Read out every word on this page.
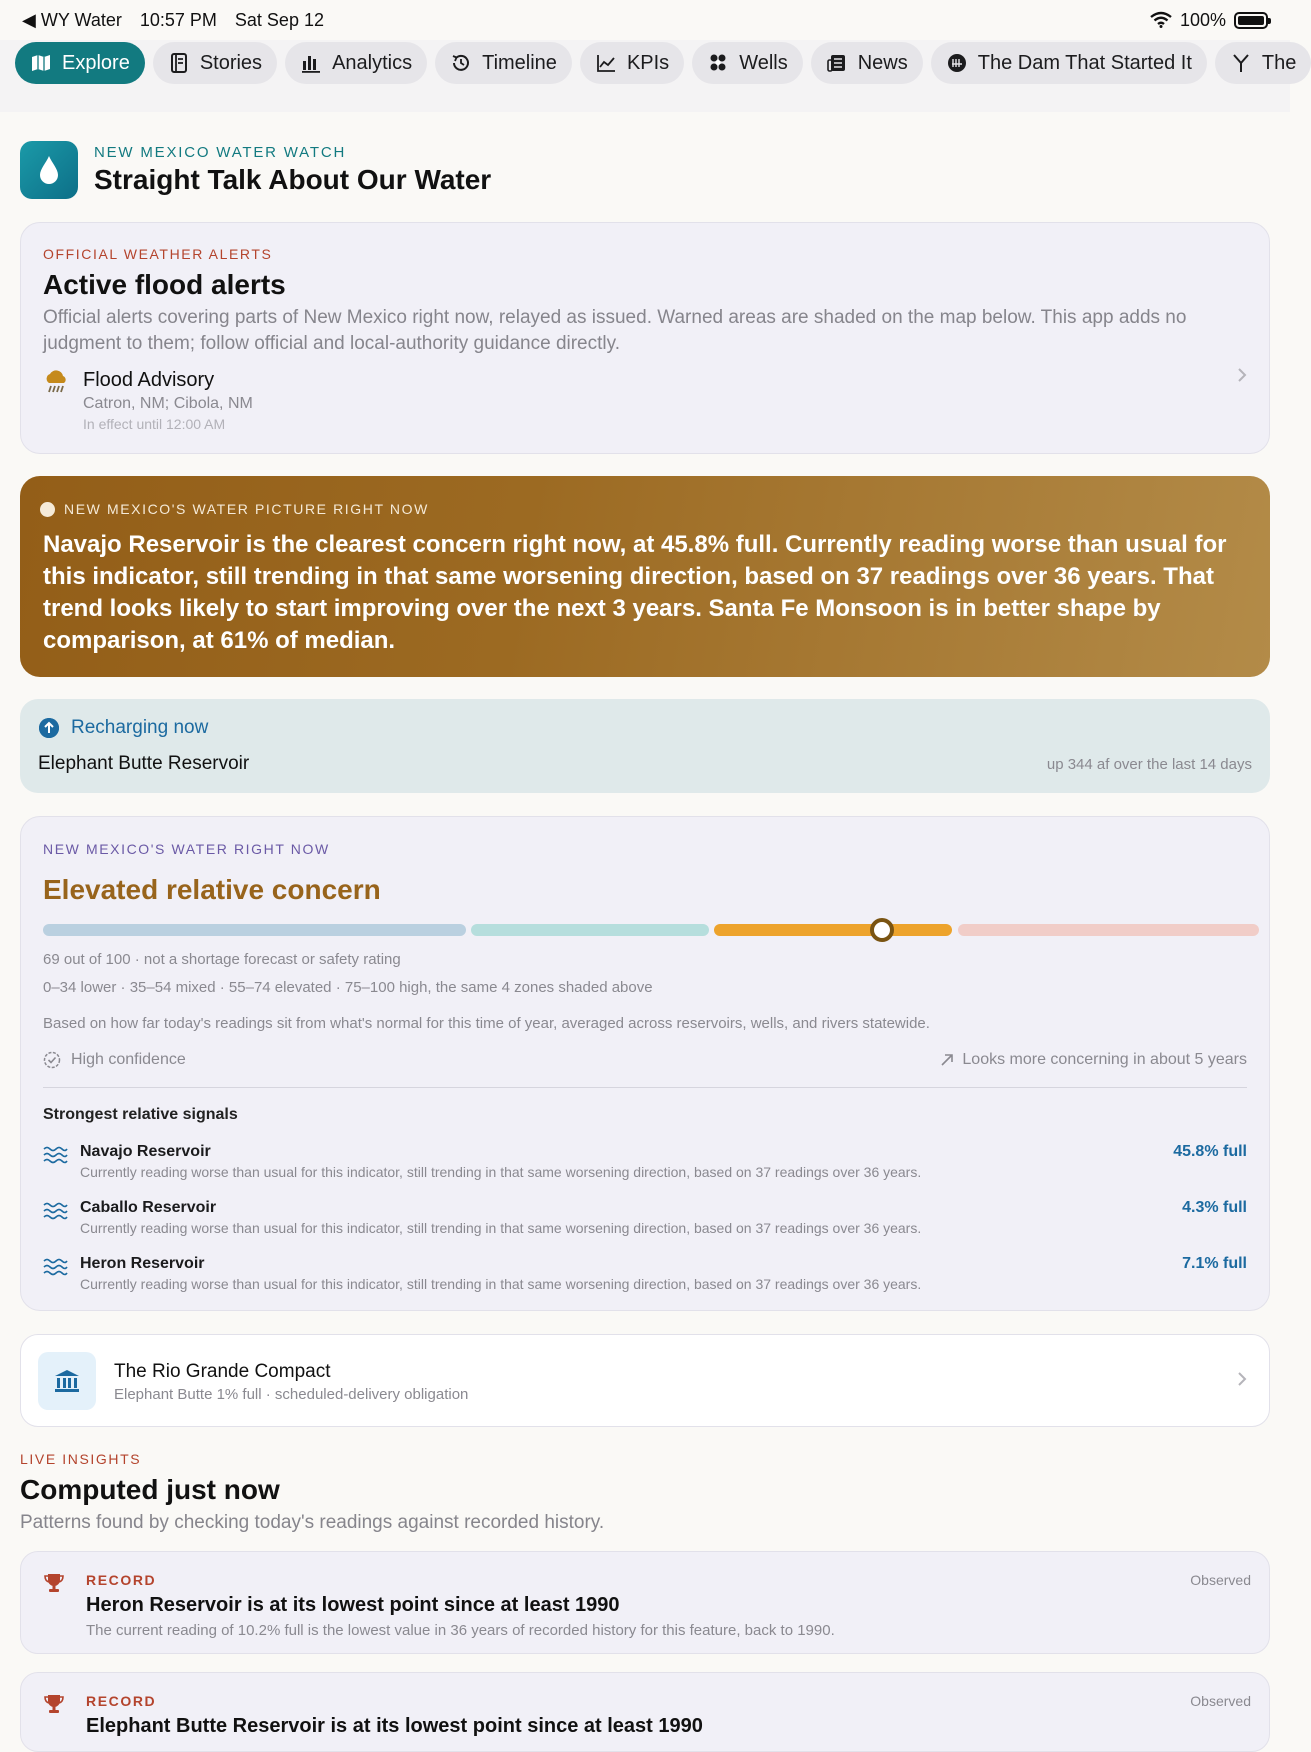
◀ WY Water 10:57 PM Sat Sep 12	100%
Explore	Stories	Analytics	Timeline	KPIs	Wells	News	The Dam That Started It	The
NEW MEXICO WATER WATCH
Straight Talk About Our Water
OFFICIAL WEATHER ALERTS
Active flood alerts
Official alerts covering parts of New Mexico right now, relayed as issued. Warned areas are shaded on the map below. This app adds no judgment to them; follow official and local-authority guidance directly.
Flood Advisory
Catron, NM; Cibola, NM
In effect until 12:00 AM
NEW MEXICO'S WATER PICTURE RIGHT NOW
Navajo Reservoir is the clearest concern right now, at 45.8% full. Currently reading worse than usual for this indicator, still trending in that same worsening direction, based on 37 readings over 36 years. That trend looks likely to start improving over the next 3 years. Santa Fe Monsoon is in better shape by comparison, at 61% of median.
Recharging now
Elephant Butte Reservoir	up 344 af over the last 14 days
NEW MEXICO'S WATER RIGHT NOW
Elevated relative concern
69 out of 100 · not a shortage forecast or safety rating
0–34 lower · 35–54 mixed · 55–74 elevated · 75–100 high, the same 4 zones shaded above
Based on how far today's readings sit from what's normal for this time of year, averaged across reservoirs, wells, and rivers statewide.
High confidence	Looks more concerning in about 5 years
Strongest relative signals
Navajo Reservoir
Currently reading worse than usual for this indicator, still trending in that same worsening direction, based on 37 readings over 36 years.
45.8% full
Caballo Reservoir
Currently reading worse than usual for this indicator, still trending in that same worsening direction, based on 37 readings over 36 years.
4.3% full
Heron Reservoir
Currently reading worse than usual for this indicator, still trending in that same worsening direction, based on 37 readings over 36 years.
7.1% full
The Rio Grande Compact
Elephant Butte 1% full · scheduled-delivery obligation
LIVE INSIGHTS
Computed just now
Patterns found by checking today's readings against recorded history.
RECORD	Observed
Heron Reservoir is at its lowest point since at least 1990
The current reading of 10.2% full is the lowest value in 36 years of recorded history for this feature, back to 1990.
RECORD	Observed
Elephant Butte Reservoir is at its lowest point since at least 1990
